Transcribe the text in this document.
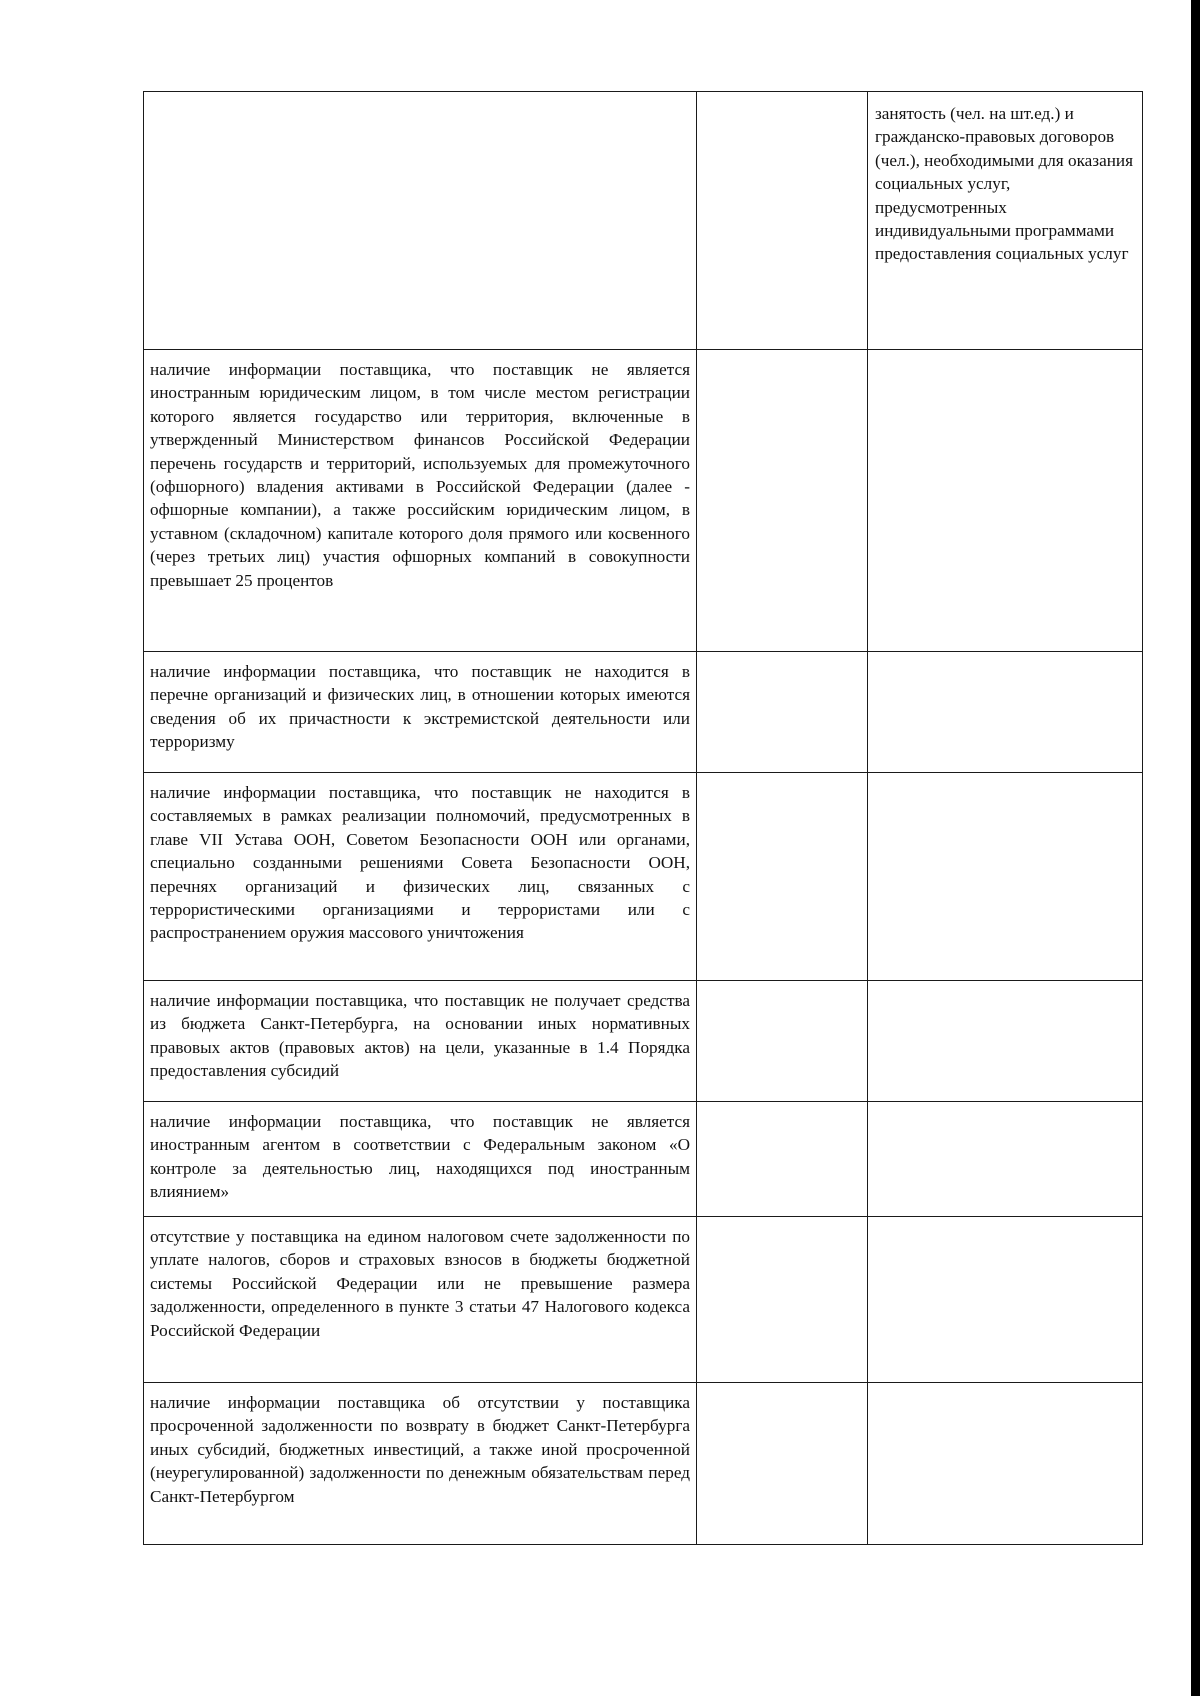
		занятость (чел. на шт.ед.) и гражданско-правовых договоров (чел.), необходимыми для оказания социальных услуг, предусмотренных индивидуальными программами предоставления социальных услуг

наличие информации поставщика, что поставщик не является иностранным юридическим лицом, в том числе местом регистрации которого является государство или территория, включенные в утвержденный Министерством финансов Российской Федерации перечень государств и территорий, используемых для промежуточного (офшорного) владения активами в Российской Федерации (далее - офшорные компании), а также российским юридическим лицом, в уставном (складочном) капитале которого доля прямого или косвенного (через третьих лиц) участия офшорных компаний в совокупности превышает 25 процентов		

наличие информации поставщика, что поставщик не находится в перечне организаций и физических лиц, в отношении которых имеются сведения об их причастности к экстремистской деятельности или терроризму		

наличие информации поставщика, что поставщик не находится в составляемых в рамках реализации полномочий, предусмотренных в главе VII Устава ООН, Советом Безопасности ООН или органами, специально созданными решениями Совета Безопасности ООН, перечнях организаций и физических лиц, связанных с террористическими организациями и террористами или с распространением оружия массового уничтожения		

наличие информации поставщика, что поставщик не получает средства из бюджета Санкт-Петербурга, на основании иных нормативных правовых актов (правовых актов) на цели, указанные в 1.4 Порядка предоставления субсидий		

наличие информации поставщика, что поставщик не является иностранным агентом в соответствии с Федеральным законом «О контроле за деятельностью лиц, находящихся под иностранным влиянием»		

отсутствие у поставщика на едином налоговом счете задолженности по уплате налогов, сборов и страховых взносов в бюджеты бюджетной системы Российской Федерации или не превышение размера задолженности, определенного в пункте 3 статьи 47 Налогового кодекса Российской Федерации		

наличие информации поставщика об отсутствии у поставщика просроченной задолженности по возврату в бюджет Санкт-Петербурга иных субсидий, бюджетных инвестиций, а также иной просроченной (неурегулированной) задолженности по денежным обязательствам перед Санкт-Петербургом		
